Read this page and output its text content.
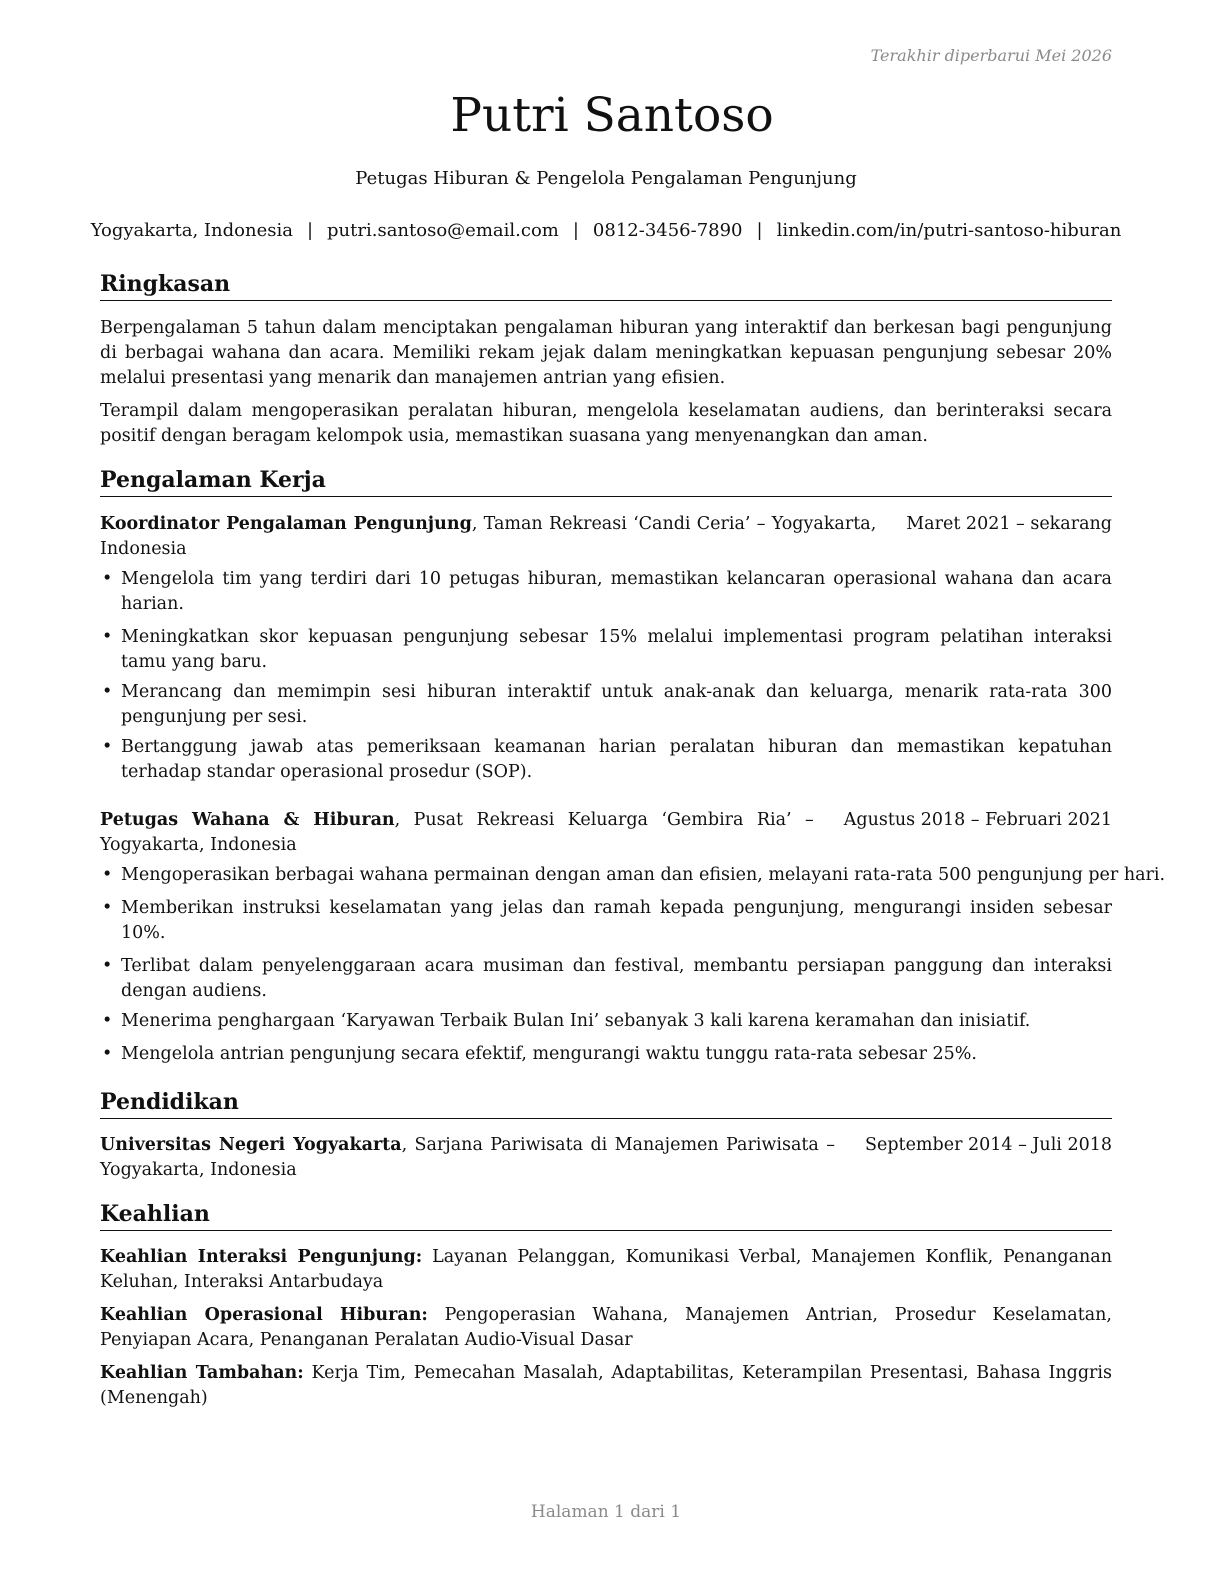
Terakhir diperbarui Mei 2026
Putri Santoso
Petugas Hiburan & Pengelola Pengalaman Pengunjung
Yogyakarta, Indonesia | putri.santoso@email.com | 0812-3456-7890 | linkedin.com/in/putri-santoso-hiburan
Ringkasan

Berpengalaman 5 tahun dalam menciptakan pengalaman hiburan yang interaktif dan berkesan bagi pengunjung di berbagai wahana dan acara. Memiliki rekam jejak dalam meningkatkan kepuasan pengunjung sebesar 20% melalui presentasi yang menarik dan manajemen antrian yang efisien.

Terampil dalam mengoperasikan peralatan hiburan, mengelola keselamatan audiens, dan berinteraksi secara positif dengan beragam kelompok usia, memastikan suasana yang menyenangkan dan aman.

Pengalaman Kerja

Maret 2021 – sekarang
Koordinator Pengalaman Pengunjung, Taman Rekreasi ‘Candi Ceria’ – Yogyakarta, Indonesia

• Mengelola tim yang terdiri dari 10 petugas hiburan, memastikan kelancaran operasional wahana dan acara harian.
• Meningkatkan skor kepuasan pengunjung sebesar 15% melalui implementasi program pelatihan interaksi tamu yang baru.
• Merancang dan memimpin sesi hiburan interaktif untuk anak-anak dan keluarga, menarik rata-rata 300 pengunjung per sesi.
• Bertanggung jawab atas pemeriksaan keamanan harian peralatan hiburan dan memastikan kepatuhan terhadap standar operasional prosedur (SOP).

Agustus 2018 – Februari 2021
Petugas Wahana & Hiburan, Pusat Rekreasi Keluarga ‘Gembira Ria’ – Yogyakarta, Indonesia

• Mengoperasikan berbagai wahana permainan dengan aman dan efisien, melayani rata-rata 500 pengunjung per hari.
• Memberikan instruksi keselamatan yang jelas dan ramah kepada pengunjung, mengurangi insiden sebesar 10%.
• Terlibat dalam penyelenggaraan acara musiman dan festival, membantu persiapan panggung dan interaksi dengan audiens.
• Menerima penghargaan ‘Karyawan Terbaik Bulan Ini’ sebanyak 3 kali karena keramahan dan inisiatif.
• Mengelola antrian pengunjung secara efektif, mengurangi waktu tunggu rata-rata sebesar 25%.
Pendidikan

September 2014 – Juli 2018
Universitas Negeri Yogyakarta, Sarjana Pariwisata di Manajemen Pariwisata – Yogyakarta, Indonesia

Keahlian

Keahlian Interaksi Pengunjung: Layanan Pelanggan, Komunikasi Verbal, Manajemen Konflik, Penanganan Keluhan, Interaksi Antarbudaya

Keahlian Operasional Hiburan: Pengoperasian Wahana, Manajemen Antrian, Prosedur Keselamatan, Penyiapan Acara, Penanganan Peralatan Audio-Visual Dasar

Keahlian Tambahan: Kerja Tim, Pemecahan Masalah, Adaptabilitas, Keterampilan Presentasi, Bahasa Inggris (Menengah)

Halaman 1 dari 1
